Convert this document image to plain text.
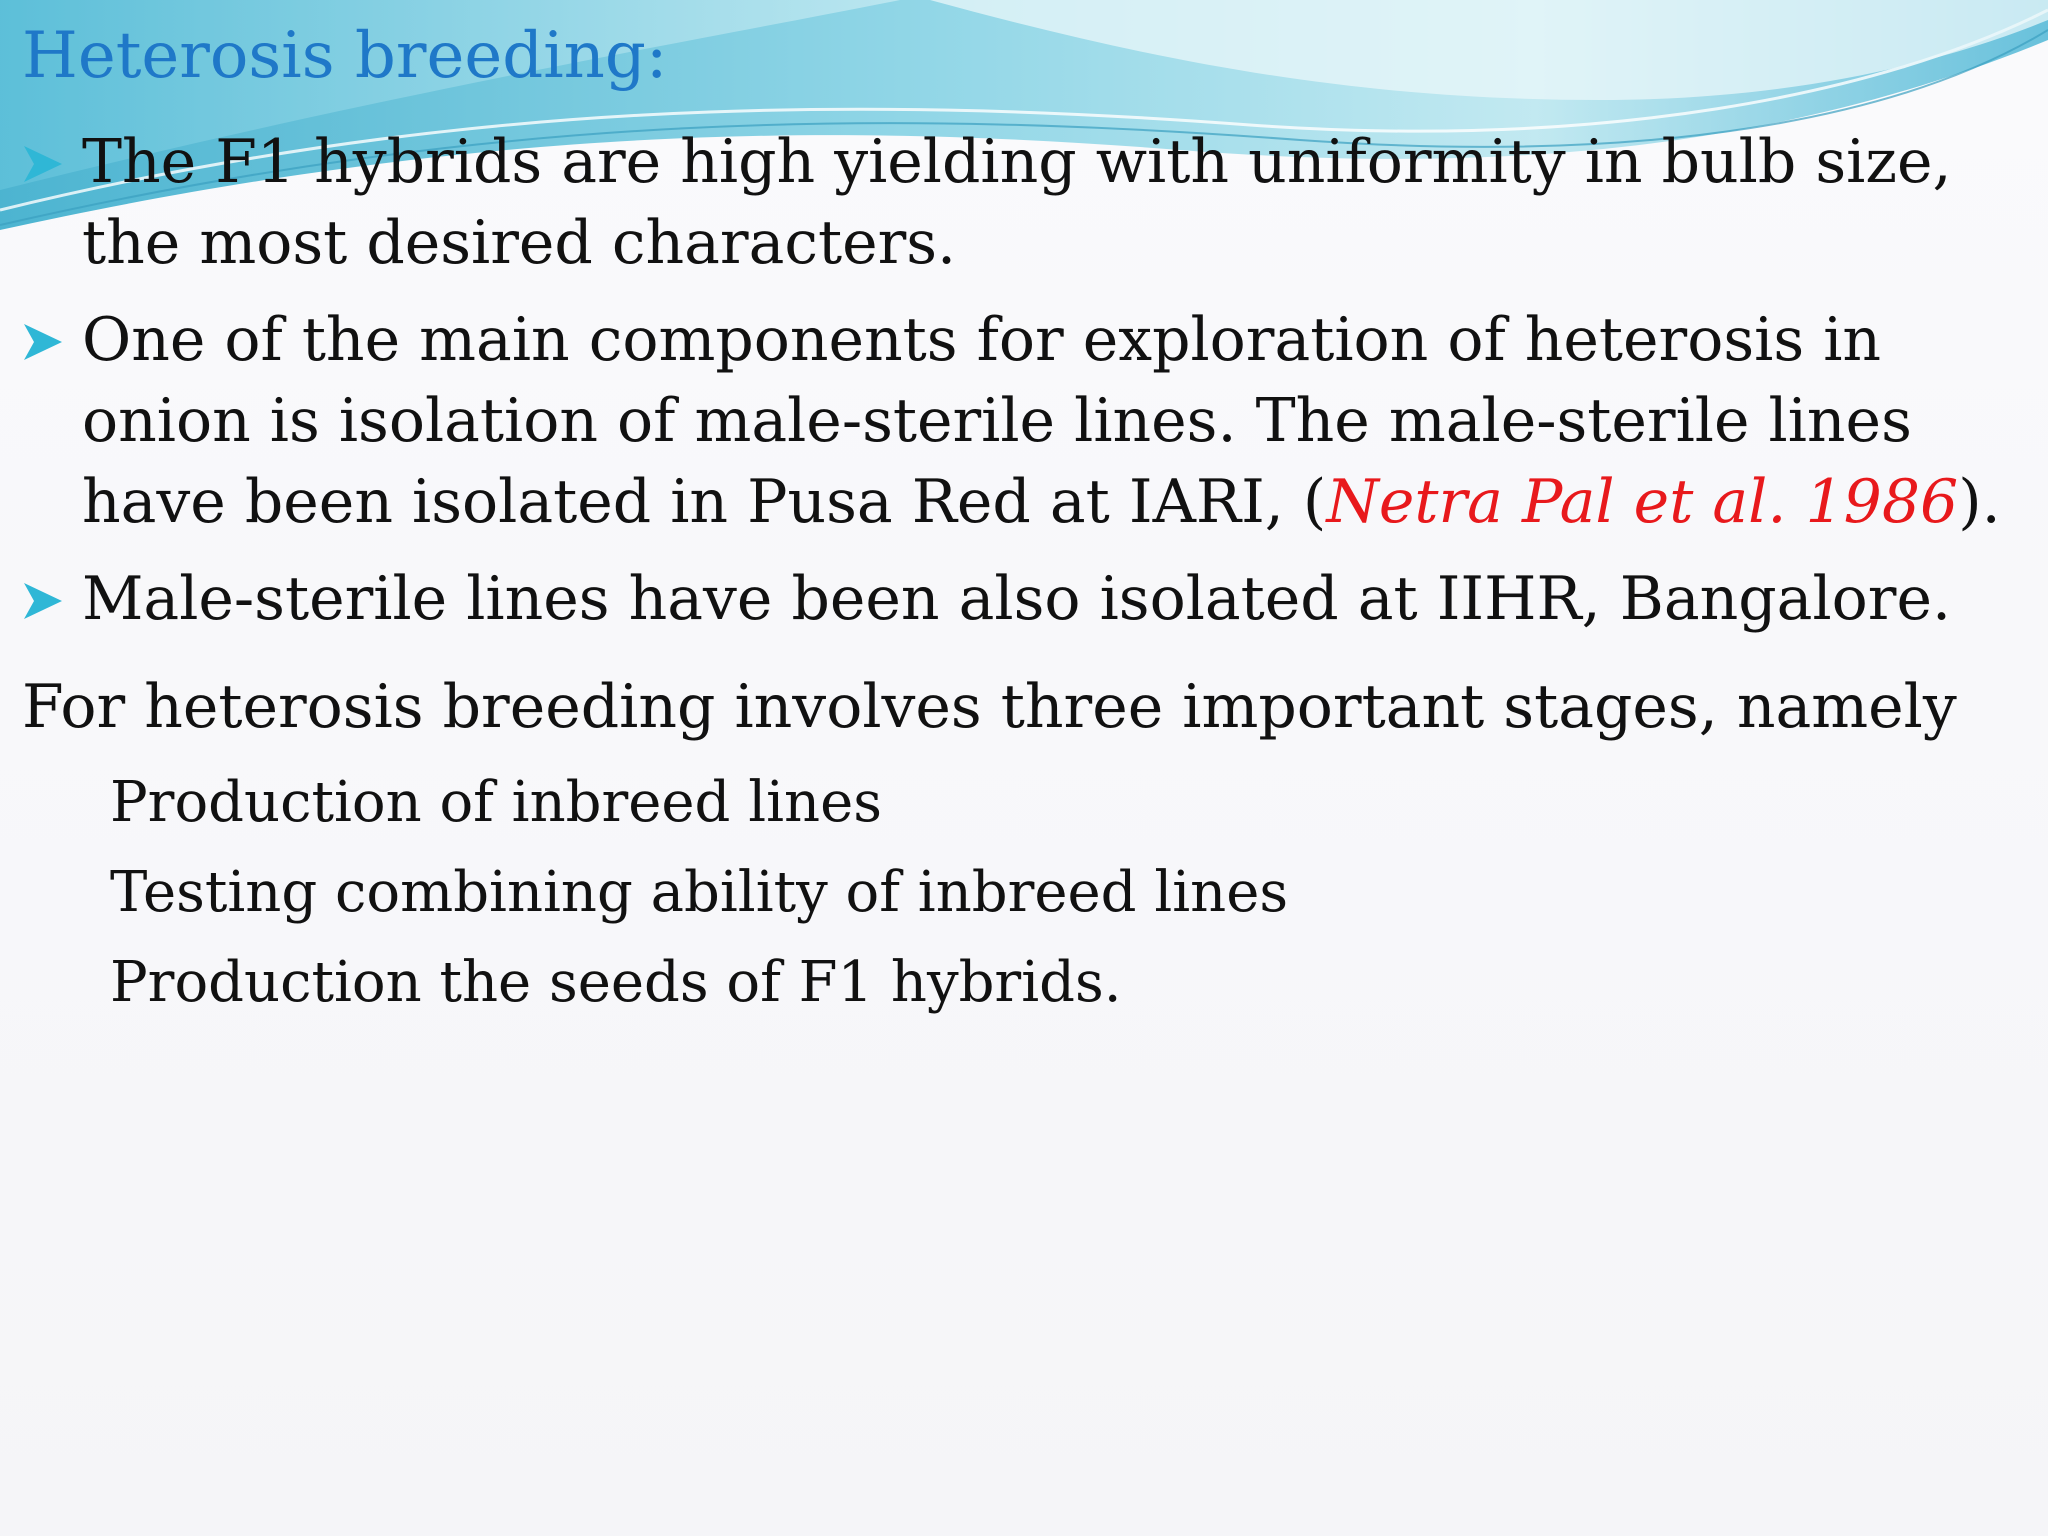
Heterosis breeding:
The F1 hybrids are high yielding with uniformity in bulb size, the most desired characters.
One of the main components for exploration of heterosis in onion is isolation of male-sterile lines. The male-sterile lines have been isolated in Pusa Red at IARI, (Netra Pal et al. 1986).
Male-sterile lines have been also isolated at IIHR, Bangalore.

For heterosis breeding involves three important stages, namely

Production of inbreed lines
Testing combining ability of inbreed lines
Production the seeds of F1 hybrids.
